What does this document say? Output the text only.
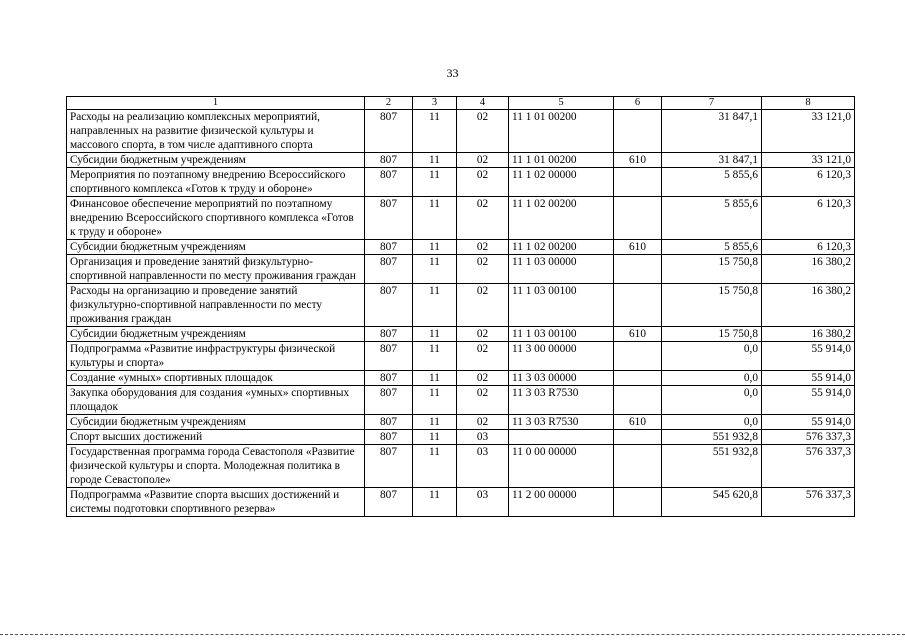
33
1	2	3	4	5	6	7	8
Расходы на реализацию комплексных мероприятий, направленных на развитие физической культуры и массового спорта, в том числе адаптивного спорта	807	11	02	11 1 01 00200		31 847,1	33 121,0
Субсидии бюджетным учреждениям	807	11	02	11 1 01 00200	610	31 847,1	33 121,0
Мероприятия по поэтапному внедрению Всероссийского спортивного комплекса «Готов к труду и обороне»	807	11	02	11 1 02 00000		5 855,6	6 120,3
Финансовое обеспечение мероприятий по поэтапному внедрению Всероссийского спортивного комплекса «Готов к труду и обороне»	807	11	02	11 1 02 00200		5 855,6	6 120,3
Субсидии бюджетным учреждениям	807	11	02	11 1 02 00200	610	5 855,6	6 120,3
Организация и проведение занятий физкультурно-спортивной направленности по месту проживания граждан	807	11	02	11 1 03 00000		15 750,8	16 380,2
Расходы на организацию и проведение занятий физкультурно-спортивной направленности по месту проживания граждан	807	11	02	11 1 03 00100		15 750,8	16 380,2
Субсидии бюджетным учреждениям	807	11	02	11 1 03 00100	610	15 750,8	16 380,2
Подпрограмма «Развитие инфраструктуры физической культуры и спорта»	807	11	02	11 3 00 00000		0,0	55 914,0
Создание «умных» спортивных площадок	807	11	02	11 3 03 00000		0,0	55 914,0
Закупка оборудования для создания «умных» спортивных площадок	807	11	02	11 3 03 R7530		0,0	55 914,0
Субсидии бюджетным учреждениям	807	11	02	11 3 03 R7530	610	0,0	55 914,0
Спорт высших достижений	807	11	03			551 932,8	576 337,3
Государственная программа города Севастополя «Развитие физической культуры и спорта. Молодежная политика в городе Севастополе»	807	11	03	11 0 00 00000		551 932,8	576 337,3
Подпрограмма «Развитие спорта высших достижений и системы подготовки спортивного резерва»	807	11	03	11 2 00 00000		545 620,8	576 337,3
